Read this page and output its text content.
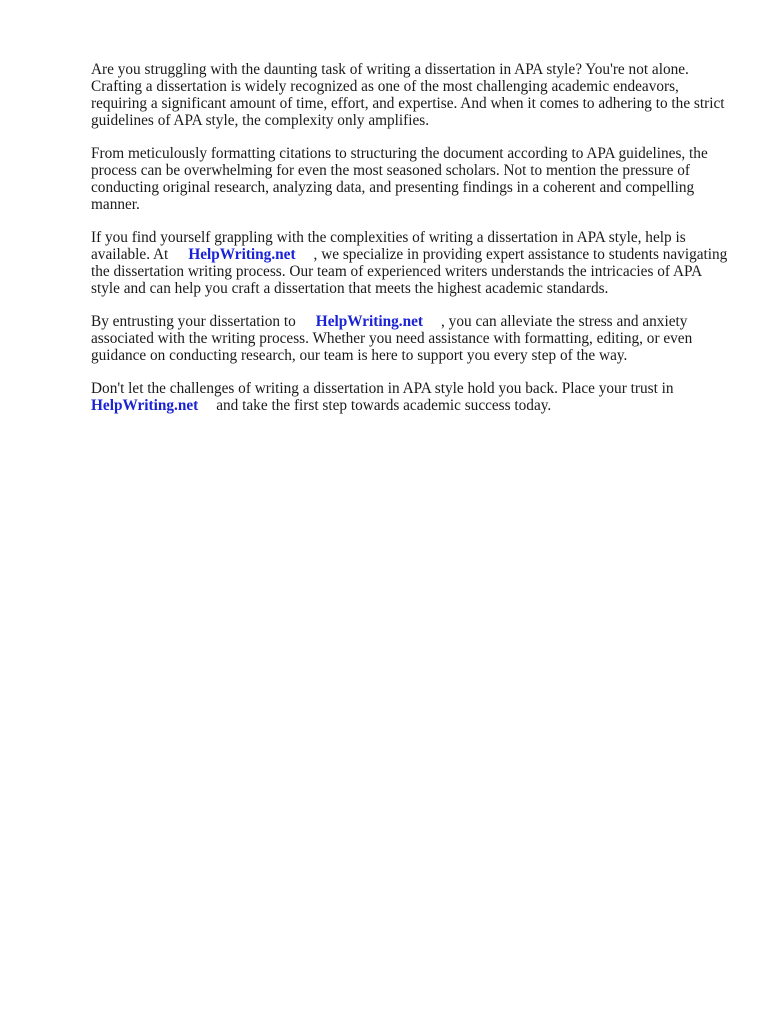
Are you struggling with the daunting task of writing a dissertation in APA style? You're not alone. Crafting a dissertation is widely recognized as one of the most challenging academic endeavors, requiring a significant amount of time, effort, and expertise. And when it comes to adhering to the strict guidelines of APA style, the complexity only amplifies.

From meticulously formatting citations to structuring the document according to APA guidelines, the process can be overwhelming for even the most seasoned scholars. Not to mention the pressure of conducting original research, analyzing data, and presenting findings in a coherent and compelling manner.

If you find yourself grappling with the complexities of writing a dissertation in APA style, help is available. At HelpWriting.net , we specialize in providing expert assistance to students navigating the dissertation writing process. Our team of experienced writers understands the intricacies of APA style and can help you craft a dissertation that meets the highest academic standards.

By entrusting your dissertation to HelpWriting.net , you can alleviate the stress and anxiety associated with the writing process. Whether you need assistance with formatting, editing, or even guidance on conducting research, our team is here to support you every step of the way.

Don't let the challenges of writing a dissertation in APA style hold you back. Place your trust in HelpWriting.net and take the first step towards academic success today.
